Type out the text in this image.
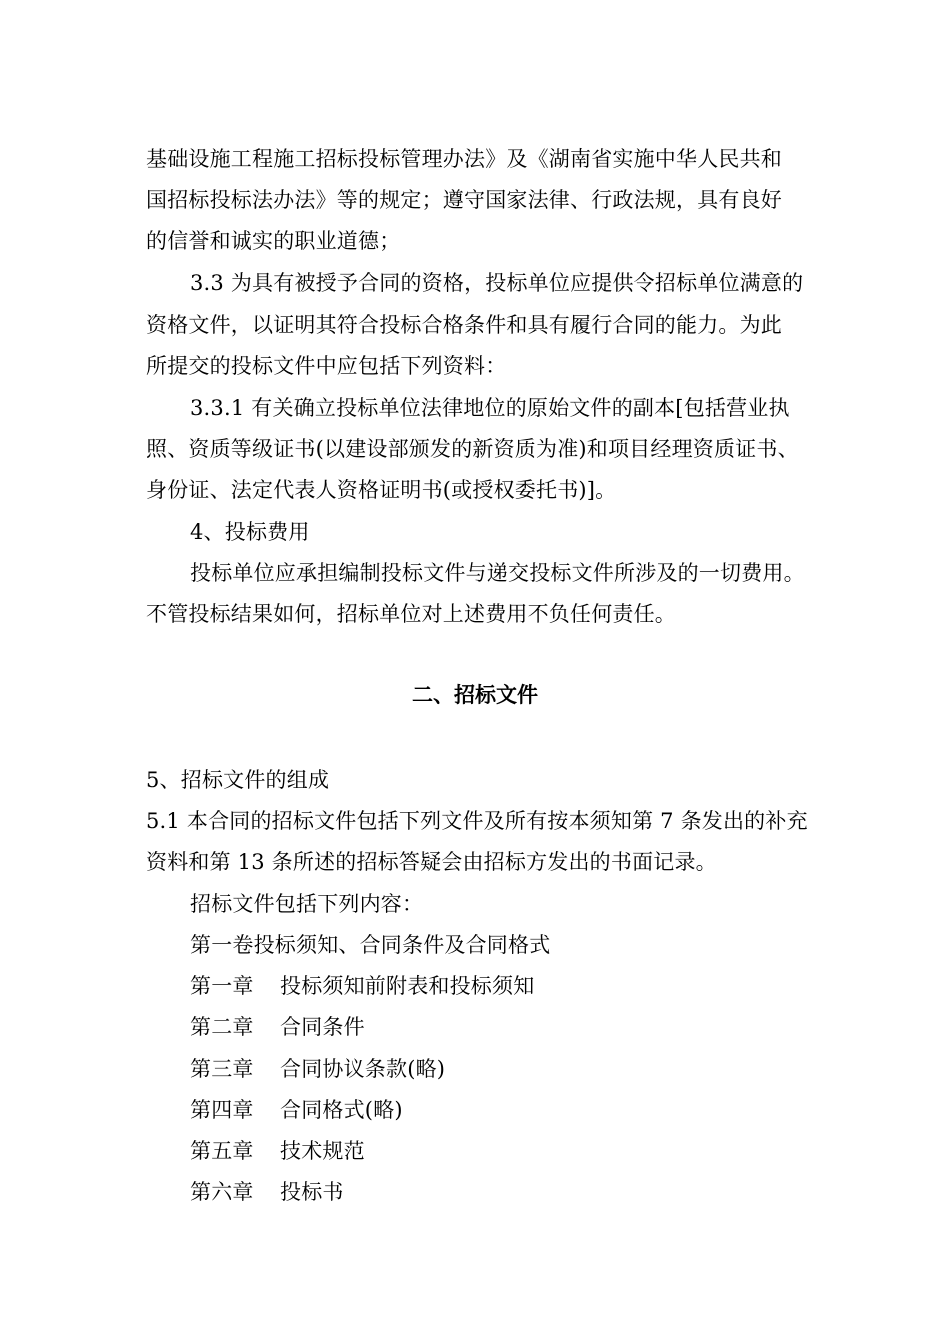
基础设施工程施工招标投标管理办法》及《湖南省实施中华人民共和
国招标投标法办法》等的规定；遵守国家法律、行政法规，具有良好
的信誉和诚实的职业道德；
3.3 为具有被授予合同的资格，投标单位应提供令招标单位满意的
资格文件，以证明其符合投标合格条件和具有履行合同的能力。为此
所提交的投标文件中应包括下列资料：
3.3.1 有关确立投标单位法律地位的原始文件的副本[包括营业执
照、资质等级证书(以建设部颁发的新资质为准)和项目经理资质证书、
身份证、法定代表人资格证明书(或授权委托书)]。
4、投标费用
投标单位应承担编制投标文件与递交投标文件所涉及的一切费用。
不管投标结果如何，招标单位对上述费用不负任何责任。
二、招标文件
5、招标文件的组成
5.1 本合同的招标文件包括下列文件及所有按本须知第 7 条发出的补充
资料和第 13 条所述的招标答疑会由招标方发出的书面记录。
招标文件包括下列内容：
第一卷投标须知、合同条件及合同格式
第一章 投标须知前附表和投标须知
第二章 合同条件
第三章 合同协议条款(略)
第四章 合同格式(略)
第五章 技术规范
第六章 投标书
